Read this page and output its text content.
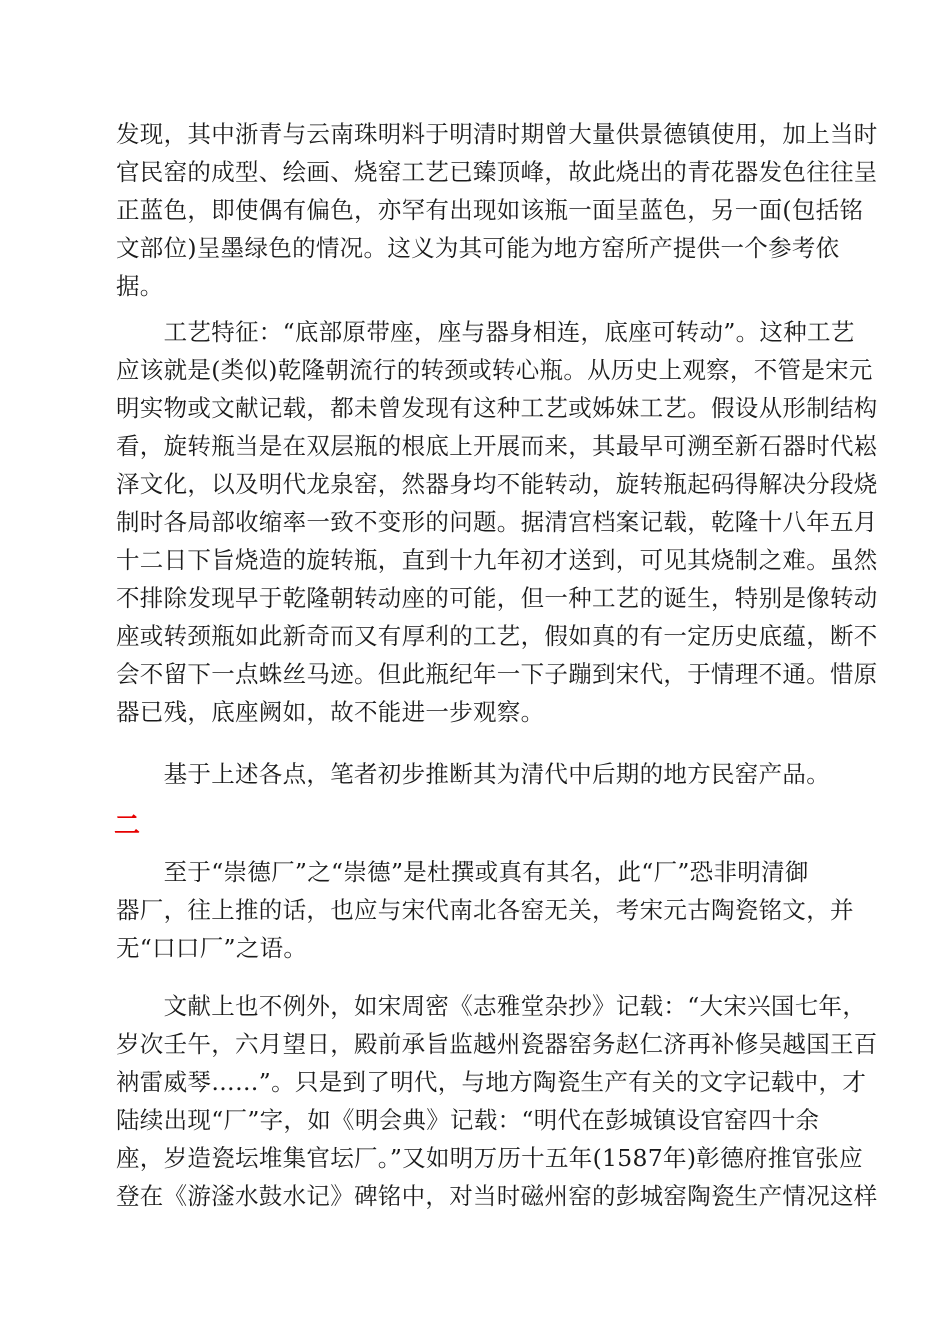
发现，其中浙青与云南珠明料于明清时期曾大量供景德镇使用，加上当时
官民窑的成型、绘画、烧窑工艺已臻顶峰，故此烧出的青花器发色往往呈
正蓝色，即使偶有偏色，亦罕有出现如该瓶一面呈蓝色，另一面(包括铭
文部位)呈墨绿色的情况。这义为其可能为地方窑所产提供一个参考依
据。
　　工艺特征：“底部原带座，座与器身相连，底座可转动”。这种工艺
应该就是(类似)乾隆朝流行的转颈或转心瓶。从历史上观察，不管是宋元
明实物或文献记载，都未曾发现有这种工艺或姊妹工艺。假设从形制结构
看，旋转瓶当是在双层瓶的根底上开展而来，其最早可溯至新石器时代崧
泽文化，以及明代龙泉窑，然器身均不能转动，旋转瓶起码得解决分段烧
制时各局部收缩率一致不变形的问题。据清宫档案记载，乾隆十八年五月
十二日下旨烧造的旋转瓶，直到十九年初才送到，可见其烧制之难。虽然
不排除发现早于乾隆朝转动座的可能，但一种工艺的诞生，特别是像转动
座或转颈瓶如此新奇而又有厚利的工艺，假如真的有一定历史底蕴，断不
会不留下一点蛛丝马迹。但此瓶纪年一下子蹦到宋代，于情理不通。惜原
器已残，底座阙如，故不能进一步观察。
　　基于上述各点，笔者初步推断其为清代中后期的地方民窑产品。
二
　　至于“崇德厂”之“崇德”是杜撰或真有其名，此“厂”恐非明清御
器厂，往上推的话，也应与宋代南北各窑无关，考宋元古陶瓷铭文，并
无“口口厂”之语。
　　文献上也不例外，如宋周密《志雅堂杂抄》记载：“大宋兴国七年，
岁次壬午，六月望日，殿前承旨监越州瓷器窑务赵仁济再补修吴越国王百
衲雷威琴……”。只是到了明代，与地方陶瓷生产有关的文字记载中，才
陆续出现“厂”字，如《明会典》记载：“明代在彭城镇设官窑四十余
座，岁造瓷坛堆集官坛厂。”又如明万历十五年(1587年)彰德府推官张应
登在《游滏水鼓水记》碑铭中，对当时磁州窑的彭城窑陶瓷生产情况这样
